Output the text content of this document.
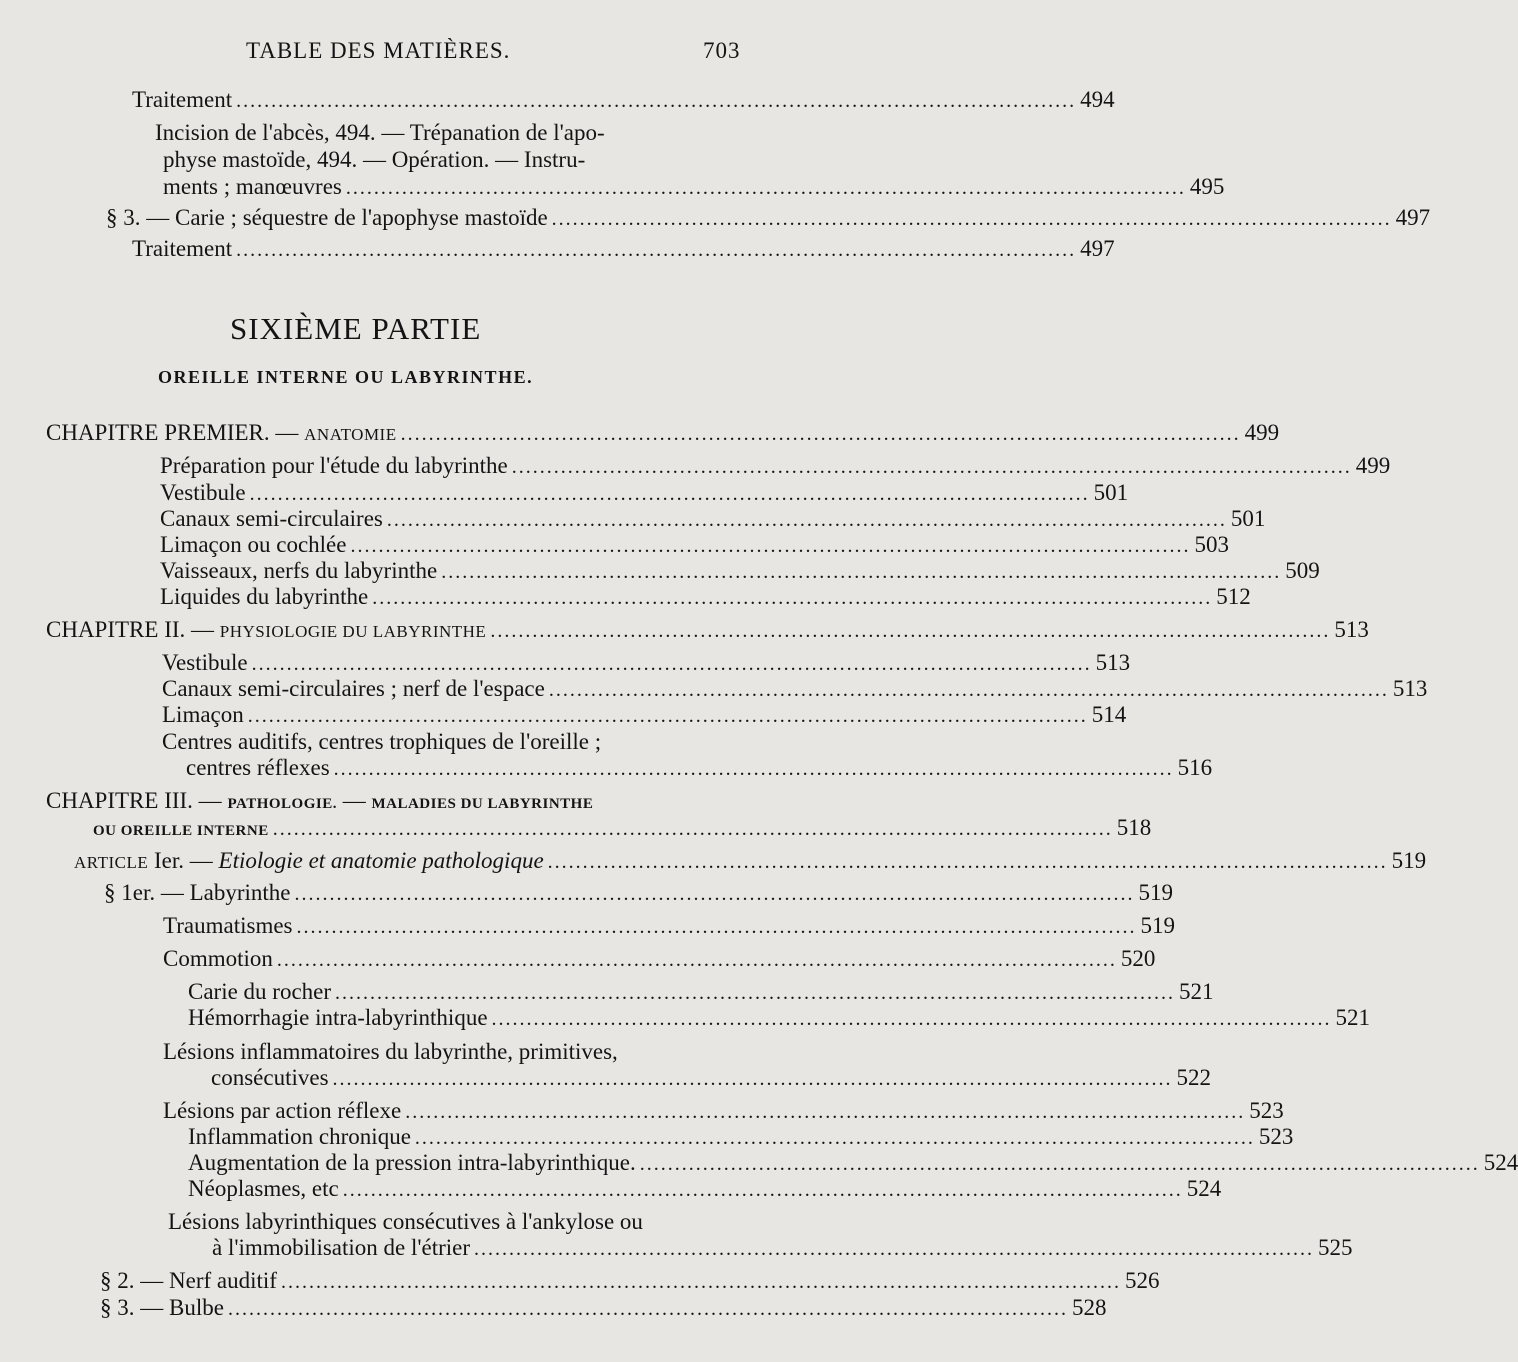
TABLE DES MATIÈRES.	703
Traitement ........................................................................................................................ 494
Incision de l'abcès, 494. — Trépanation de l'apo-
physe mastoïde, 494. — Opération. — Instru-
ments ; manœuvres ........................................................................................................................ 495
§ 3. — Carie ; séquestre de l'apophyse mastoïde ........................................................................................................................ 497
Traitement ........................................................................................................................ 497
SIXIÈME PARTIE
OREILLE INTERNE OU LABYRINTHE.
CHAPITRE PREMIER. — ANATOMIE ........................................................................................................................ 499
Préparation pour l'étude du labyrinthe ........................................................................................................................ 499
Vestibule ........................................................................................................................ 501
Canaux semi-circulaires ........................................................................................................................ 501
Limaçon ou cochlée ........................................................................................................................ 503
Vaisseaux, nerfs du labyrinthe ........................................................................................................................ 509
Liquides du labyrinthe ........................................................................................................................ 512
CHAPITRE II. — PHYSIOLOGIE DU LABYRINTHE ........................................................................................................................ 513
Vestibule ........................................................................................................................ 513
Canaux semi-circulaires ; nerf de l'espace ........................................................................................................................ 513
Limaçon ........................................................................................................................ 514
Centres auditifs, centres trophiques de l'oreille ;
centres réflexes ........................................................................................................................ 516
CHAPITRE III. — PATHOLOGIE. — MALADIES DU LABYRINTHE
OU OREILLE INTERNE ........................................................................................................................ 518
ARTICLE Ier. — Etiologie et anatomie pathologique ........................................................................................................................ 519
§ 1er. — Labyrinthe ........................................................................................................................ 519
Traumatismes ........................................................................................................................ 519
Commotion ........................................................................................................................ 520
Carie du rocher ........................................................................................................................ 521
Hémorrhagie intra-labyrinthique ........................................................................................................................ 521
Lésions inflammatoires du labyrinthe, primitives,
consécutives ........................................................................................................................ 522
Lésions par action réflexe ........................................................................................................................ 523
Inflammation chronique ........................................................................................................................ 523
Augmentation de la pression intra-labyrinthique. ........................................................................................................................ 524
Néoplasmes, etc ........................................................................................................................ 524
Lésions labyrinthiques consécutives à l'ankylose ou
à l'immobilisation de l'étrier ........................................................................................................................ 525
§ 2. — Nerf auditif ........................................................................................................................ 526
§ 3. — Bulbe ........................................................................................................................ 528
